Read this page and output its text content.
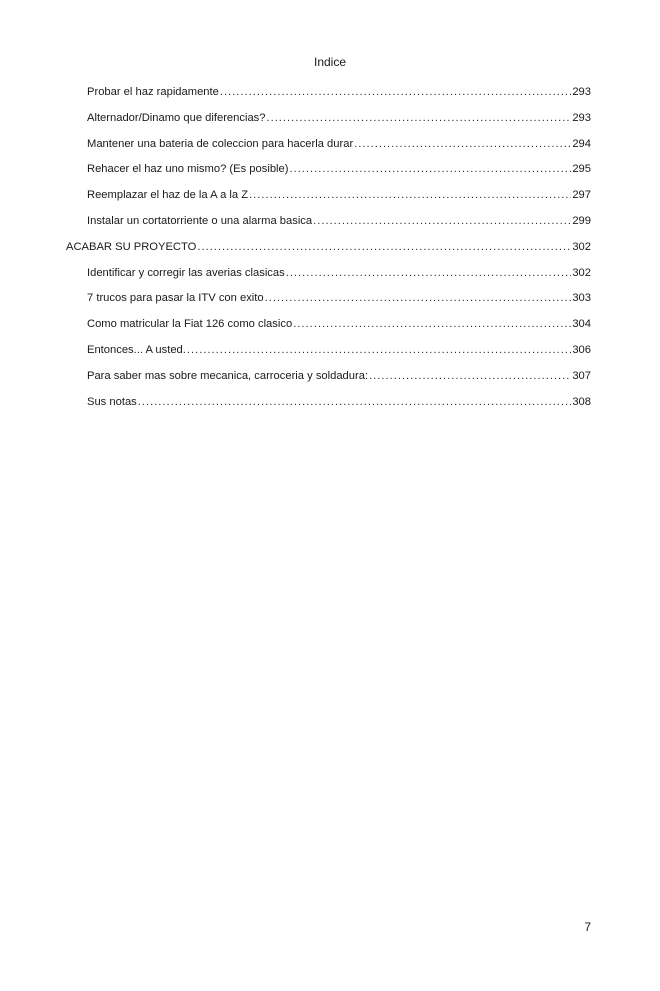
Indice
Probar el haz rapidamente .....	293
Alternador/Dinamo que diferencias? .....	293
Mantener una bateria de coleccion para hacerla durar .....	294
Rehacer el haz uno mismo? (Es posible) .....	295
Reemplazar el haz de la A a la Z .....	297
Instalar un cortatorriente o una alarma basica .....	299
ACABAR SU PROYECTO .....	302
Identificar y corregir las averias clasicas .....	302
7 trucos para pasar la ITV con exito .....	303
Como matricular la Fiat 126 como clasico .....	304
Entonces... A usted. .....	306
Para saber mas sobre mecanica, carroceria y soldadura: .....	307
Sus notas .....	308
7
